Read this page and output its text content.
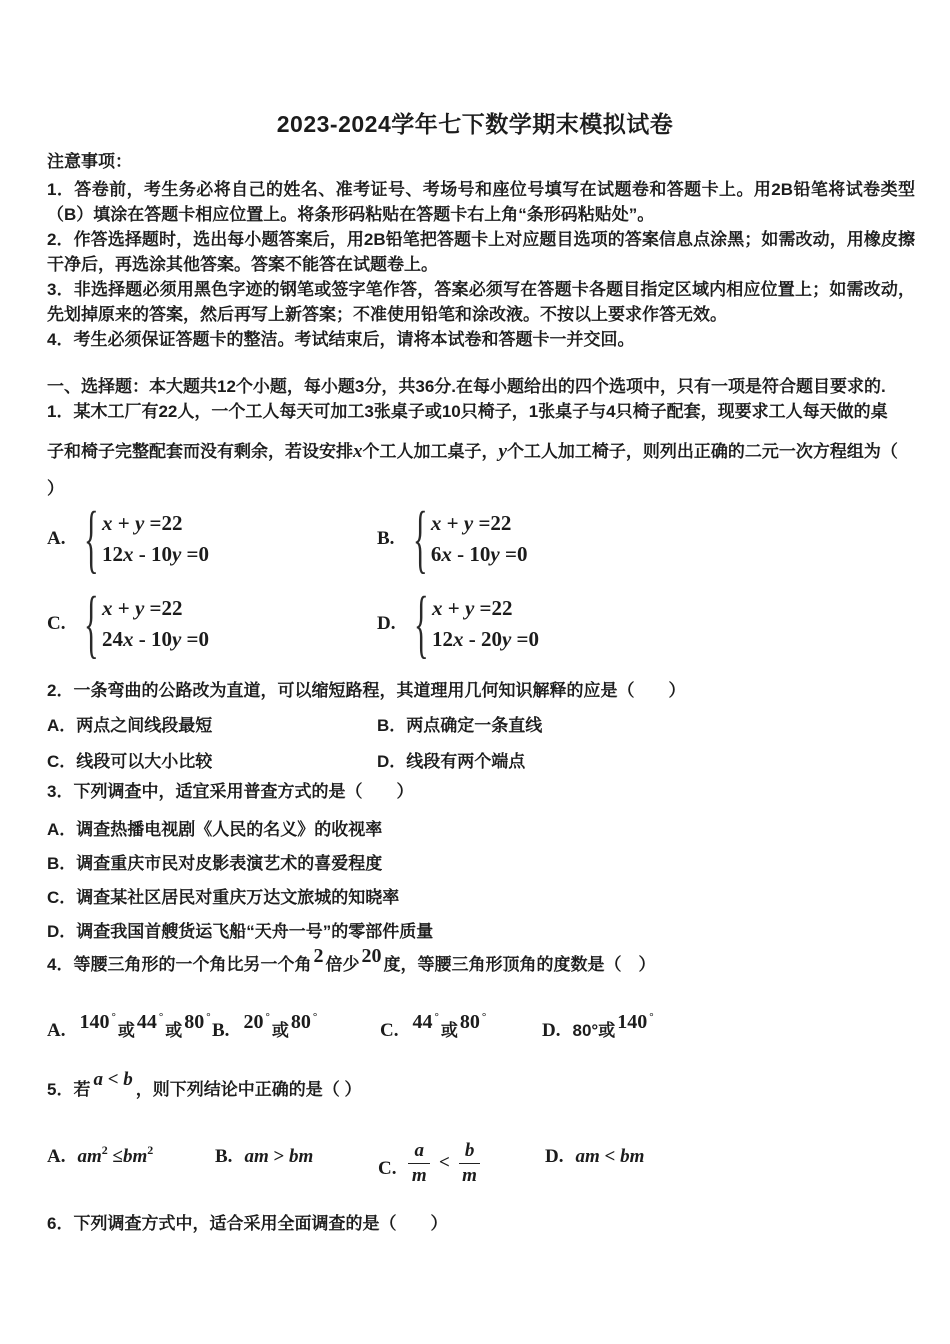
2023-2024学年七下数学期末模拟试卷

注意事项：

1．答卷前，考生务必将自己的姓名、准考证号、考场号和座位号填写在试题卷和答题卡上。用2B铅笔将试卷类型（B）填涂在答题卡相应位置上。将条形码粘贴在答题卡右上角“条形码粘贴处”。

2．作答选择题时，选出每小题答案后，用2B铅笔把答题卡上对应题目选项的答案信息点涂黑；如需改动，用橡皮擦干净后，再选涂其他答案。答案不能答在试题卷上。

3．非选择题必须用黑色字迹的钢笔或签字笔作答，答案必须写在答题卡各题目指定区域内相应位置上；如需改动，先划掉原来的答案，然后再写上新答案；不准使用铅笔和涂改液。不按以上要求作答无效。

4．考生必须保证答题卡的整洁。考试结束后，请将本试卷和答题卡一并交回。

一、选择题：本大题共12个小题，每小题3分，共36分.在每小题给出的四个选项中，只有一项是符合题目要求的.

1．某木工厂有22人，一个工人每天可加工3张桌子或10只椅子，1张桌子与4只椅子配套，现要求工人每天做的桌

子和椅子完整配套而没有剩余，若设安排x个工人加工桌子，y个工人加工椅子，则列出正确的二元一次方程组为（

）

A. { x + y =22
12x - 10y =0
B. { x + y =22
6x - 10y =0
C. { x + y =22
24x - 10y =0
D. { x + y =22
12x - 20y =0

2．一条弯曲的公路改为直道，可以缩短路程，其道理用几何知识解释的应是（　　）

A．两点之间线段最短	B．两点确定一条直线
C．线段可以大小比较	D．线段有两个端点

3．下列调查中，适宜采用普查方式的是（　　）

A．调查热播电视剧《人民的名义》的收视率
B．调查重庆市民对皮影表演艺术的喜爱程度
C．调查某社区居民对重庆万达文旅城的知晓率
D．调查我国首艘货运飞船“天舟一号”的零部件质量

4．等腰三角形的一个角比另一个角 2 倍少 20 度，等腰三角形顶角的度数是（　）

A. 140 °或 44 °或 80 °
B. 20 °或 80 °
C. 44 °或 80 °
D. 80°或 140 °

5．若 a < b ，则下列结论中正确的是（ ）

A. $am^2 \le bm^2$	B. am > bm
C. $\frac{a}{m} < \frac{b}{m}$	D. am < bm

6．下列调查方式中，适合采用全面调查的是（　　）
